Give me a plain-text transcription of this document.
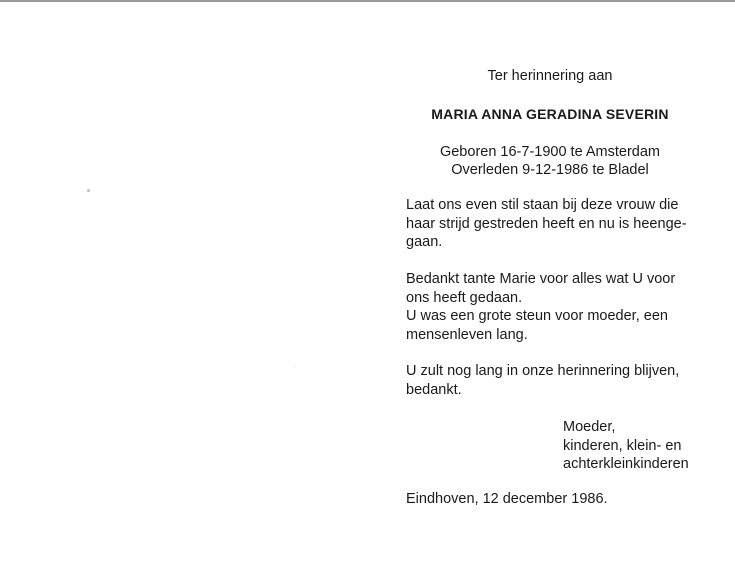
Ter herinnering aan
MARIA ANNA GERADINA SEVERIN
Geboren 16-7-1900 te Amsterdam
Overleden 9-12-1986 te Bladel
Laat ons even stil staan bij deze vrouw die
haar strijd gestreden heeft en nu is heenge-
gaan.
Bedankt tante Marie voor alles wat U voor
ons heeft gedaan.
U was een grote steun voor moeder, een
mensenleven lang.
U zult nog lang in onze herinnering blijven,
bedankt.
Moeder,
kinderen, klein- en
achterkleinkinderen
Eindhoven, 12 december 1986.
